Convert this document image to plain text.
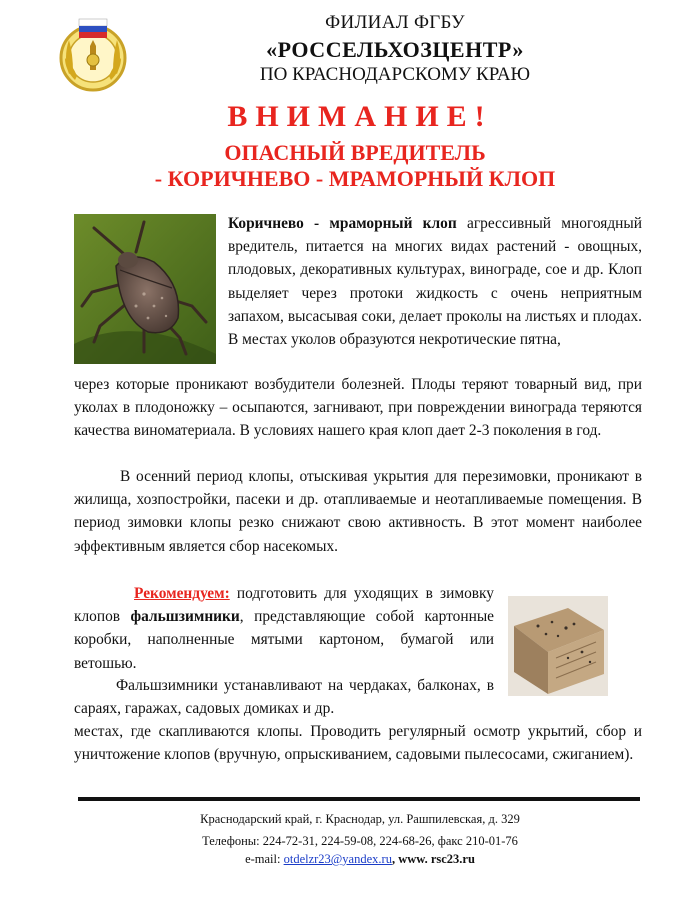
ФИЛИАЛ ФГБУ
«РОССЕЛЬХОЗЦЕНТР»
ПО КРАСНОДАРСКОМУ КРАЮ
ВНИМАНИЕ!
ОПАСНЫЙ ВРЕДИТЕЛЬ
- КОРИЧНЕВО - МРАМОРНЫЙ КЛОП
Коричнево - мраморный клоп агрессивный многоядный вредитель, питается на многих видах растений - овощных, плодовых, декоративных культурах, винограде, сое и др. Клоп выделяет через протоки жидкость с очень неприятным запахом, высасывая соки, делает проколы на листьях и плодах. В местах уколов образуются некротические пятна,
через которые проникают возбудители болезней. Плоды теряют товарный вид, при уколах в плодоножку – осыпаются, загнивают, при повреждении винограда теряются качества виноматериала. В условиях нашего края клоп дает 2-3 поколения в год.
В осенний период клопы, отыскивая укрытия для перезимовки, проникают в жилища, хозпостройки, пасеки и др. отапливаемые и неотапливаемые помещения. В период зимовки клопы резко снижают свою активность. В этот момент наиболее эффективным является сбор насекомых.
Рекомендуем: подготовить для уходящих в зимовку клопов фальшзимники, представляющие собой картонные коробки, наполненные мятыми картоном, бумагой или ветошью.
Фальшзимники устанавливают на чердаках, балконах, в сараях, гаражах, садовых домиках и др.
местах, где скапливаются клопы. Проводить регулярный осмотр укрытий, сбор и уничтожение клопов (вручную, опрыскиванием, садовыми пылесосами, сжиганием).
Краснодарский край, г. Краснодар, ул. Рашпилевская, д. 329
Телефоны: 224-72-31, 224-59-08, 224-68-26, факс 210-01-76
e-mail: otdelzr23@yandex.ru, www. rsc23.ru
